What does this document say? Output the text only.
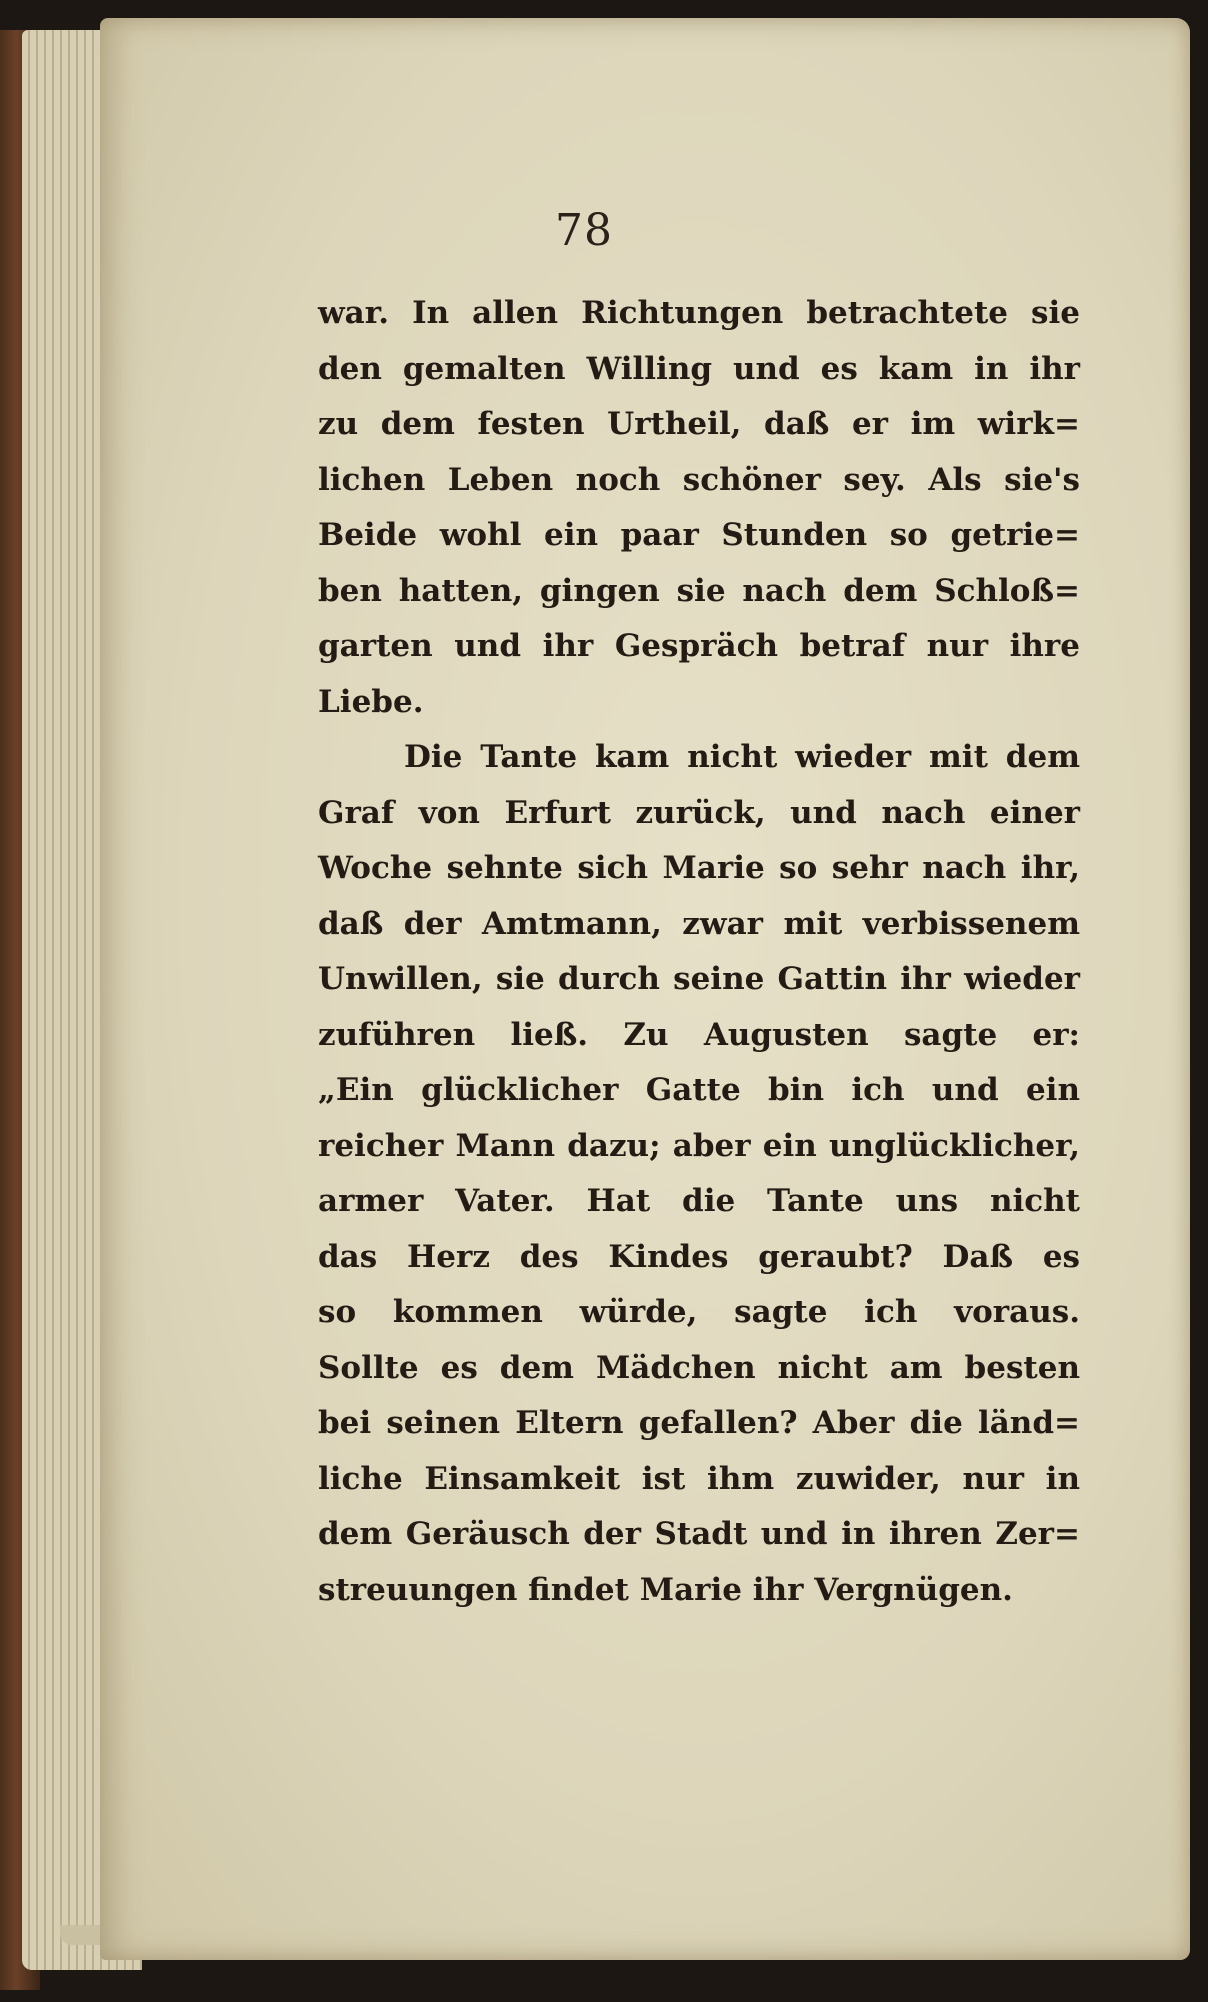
78
war. In allen Richtungen betrachtete sie
den gemalten Willing und es kam in ihr
zu dem festen Urtheil, daß er im wirk=
lichen Leben noch schöner sey. Als sie's
Beide wohl ein paar Stunden so getrie=
ben hatten, gingen sie nach dem Schloß=
garten und ihr Gespräch betraf nur ihre
Liebe.
Die Tante kam nicht wieder mit dem
Graf von Erfurt zurück, und nach einer
Woche sehnte sich Marie so sehr nach ihr,
daß der Amtmann, zwar mit verbissenem
Unwillen, sie durch seine Gattin ihr wieder
zuführen ließ. Zu Augusten sagte er:
„Ein glücklicher Gatte bin ich und ein
reicher Mann dazu; aber ein unglücklicher,
armer Vater. Hat die Tante uns nicht
das Herz des Kindes geraubt? Daß es
so kommen würde, sagte ich voraus.
Sollte es dem Mädchen nicht am besten
bei seinen Eltern gefallen? Aber die länd=
liche Einsamkeit ist ihm zuwider, nur in
dem Geräusch der Stadt und in ihren Zer=
streuungen findet Marie ihr Vergnügen.
